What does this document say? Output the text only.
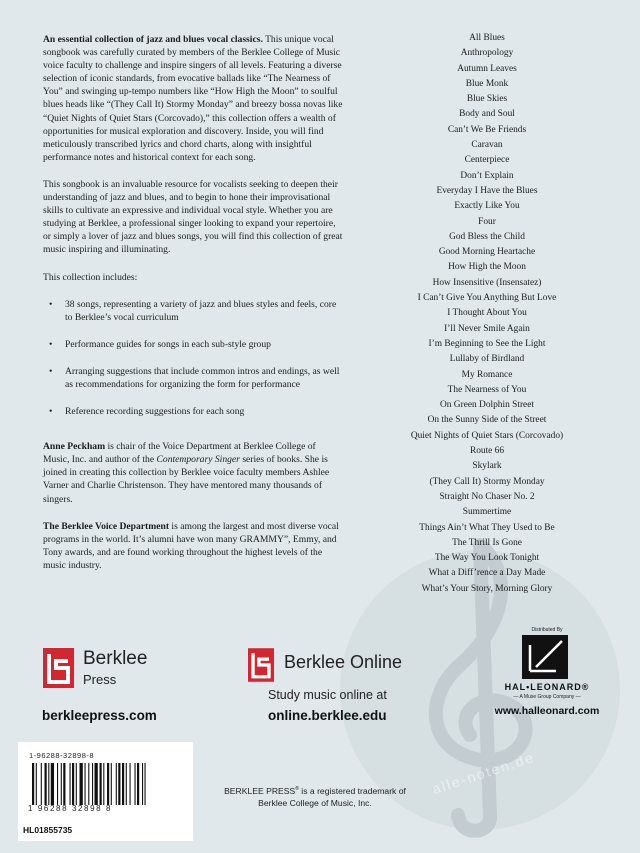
An essential collection of jazz and blues vocal classics. This unique vocal songbook was carefully curated by members of the Berklee College of Music voice faculty to challenge and inspire singers of all levels. Featuring a diverse selection of iconic standards, from evocative ballads like “The Nearness of You” and swinging up-tempo numbers like “How High the Moon” to soulful blues heads like “(They Call It) Stormy Monday” and breezy bossa novas like “Quiet Nights of Quiet Stars (Corcovado),” this collection offers a wealth of opportunities for musical exploration and discovery. Inside, you will find meticulously transcribed lyrics and chord charts, along with insightful performance notes and historical context for each song.

This songbook is an invaluable resource for vocalists seeking to deepen their understanding of jazz and blues, and to begin to hone their improvisational skills to cultivate an expressive and individual vocal style. Whether you are studying at Berklee, a professional singer looking to expand your repertoire, or simply a lover of jazz and blues songs, you will find this collection of great music inspiring and illuminating.

This collection includes:

• 38 songs, representing a variety of jazz and blues styles and feels, core to Berklee’s vocal curriculum
• Performance guides for songs in each sub-style group
• Arranging suggestions that include common intros and endings, as well as recommendations for organizing the form for performance
• Reference recording suggestions for each song

Anne Peckham is chair of the Voice Department at Berklee College of Music, Inc. and author of the Contemporary Singer series of books. She is joined in creating this collection by Berklee voice faculty members Ashlee Varner and Charlie Christenson. They have mentored many thousands of singers.

The Berklee Voice Department is among the largest and most diverse vocal programs in the world. It’s alumni have won many GRAMMY”, Emmy, and Tony awards, and are found working throughout the highest levels of the music industry.

All Blues
Anthropology
Autumn Leaves
Blue Monk
Blue Skies
Body and Soul
Can’t We Be Friends
Caravan
Centerpiece
Don’t Explain
Everyday I Have the Blues
Exactly Like You
Four
God Bless the Child
Good Morning Heartache
How High the Moon
How Insensitive (Insensatez)
I Can’t Give You Anything But Love
I Thought About You
I’ll Never Smile Again
I’m Beginning to See the Light
Lullaby of Birdland
My Romance
The Nearness of You
On Green Dolphin Street
On the Sunny Side of the Street
Quiet Nights of Quiet Stars (Corcovado)
Route 66
Skylark
(They Call It) Stormy Monday
Straight No Chaser No. 2
Summertime
Things Ain’t What They Used to Be
The Thrill Is Gone
The Way You Look Tonight
What a Diff’rence a Day Made
What’s Your Story, Morning Glory
Berklee
Press
berkleepress.com
Berklee Online
Study music online at
online.berklee.edu
Distributed By
HAL•LEONARD®
— A Muse Group Company —
www.halleonard.com
1-96288-32898-8
1 96288 32898 8
HL01855735
BERKLEE PRESS® is a registered trademark of
Berklee College of Music, Inc.
alle-noten.de
